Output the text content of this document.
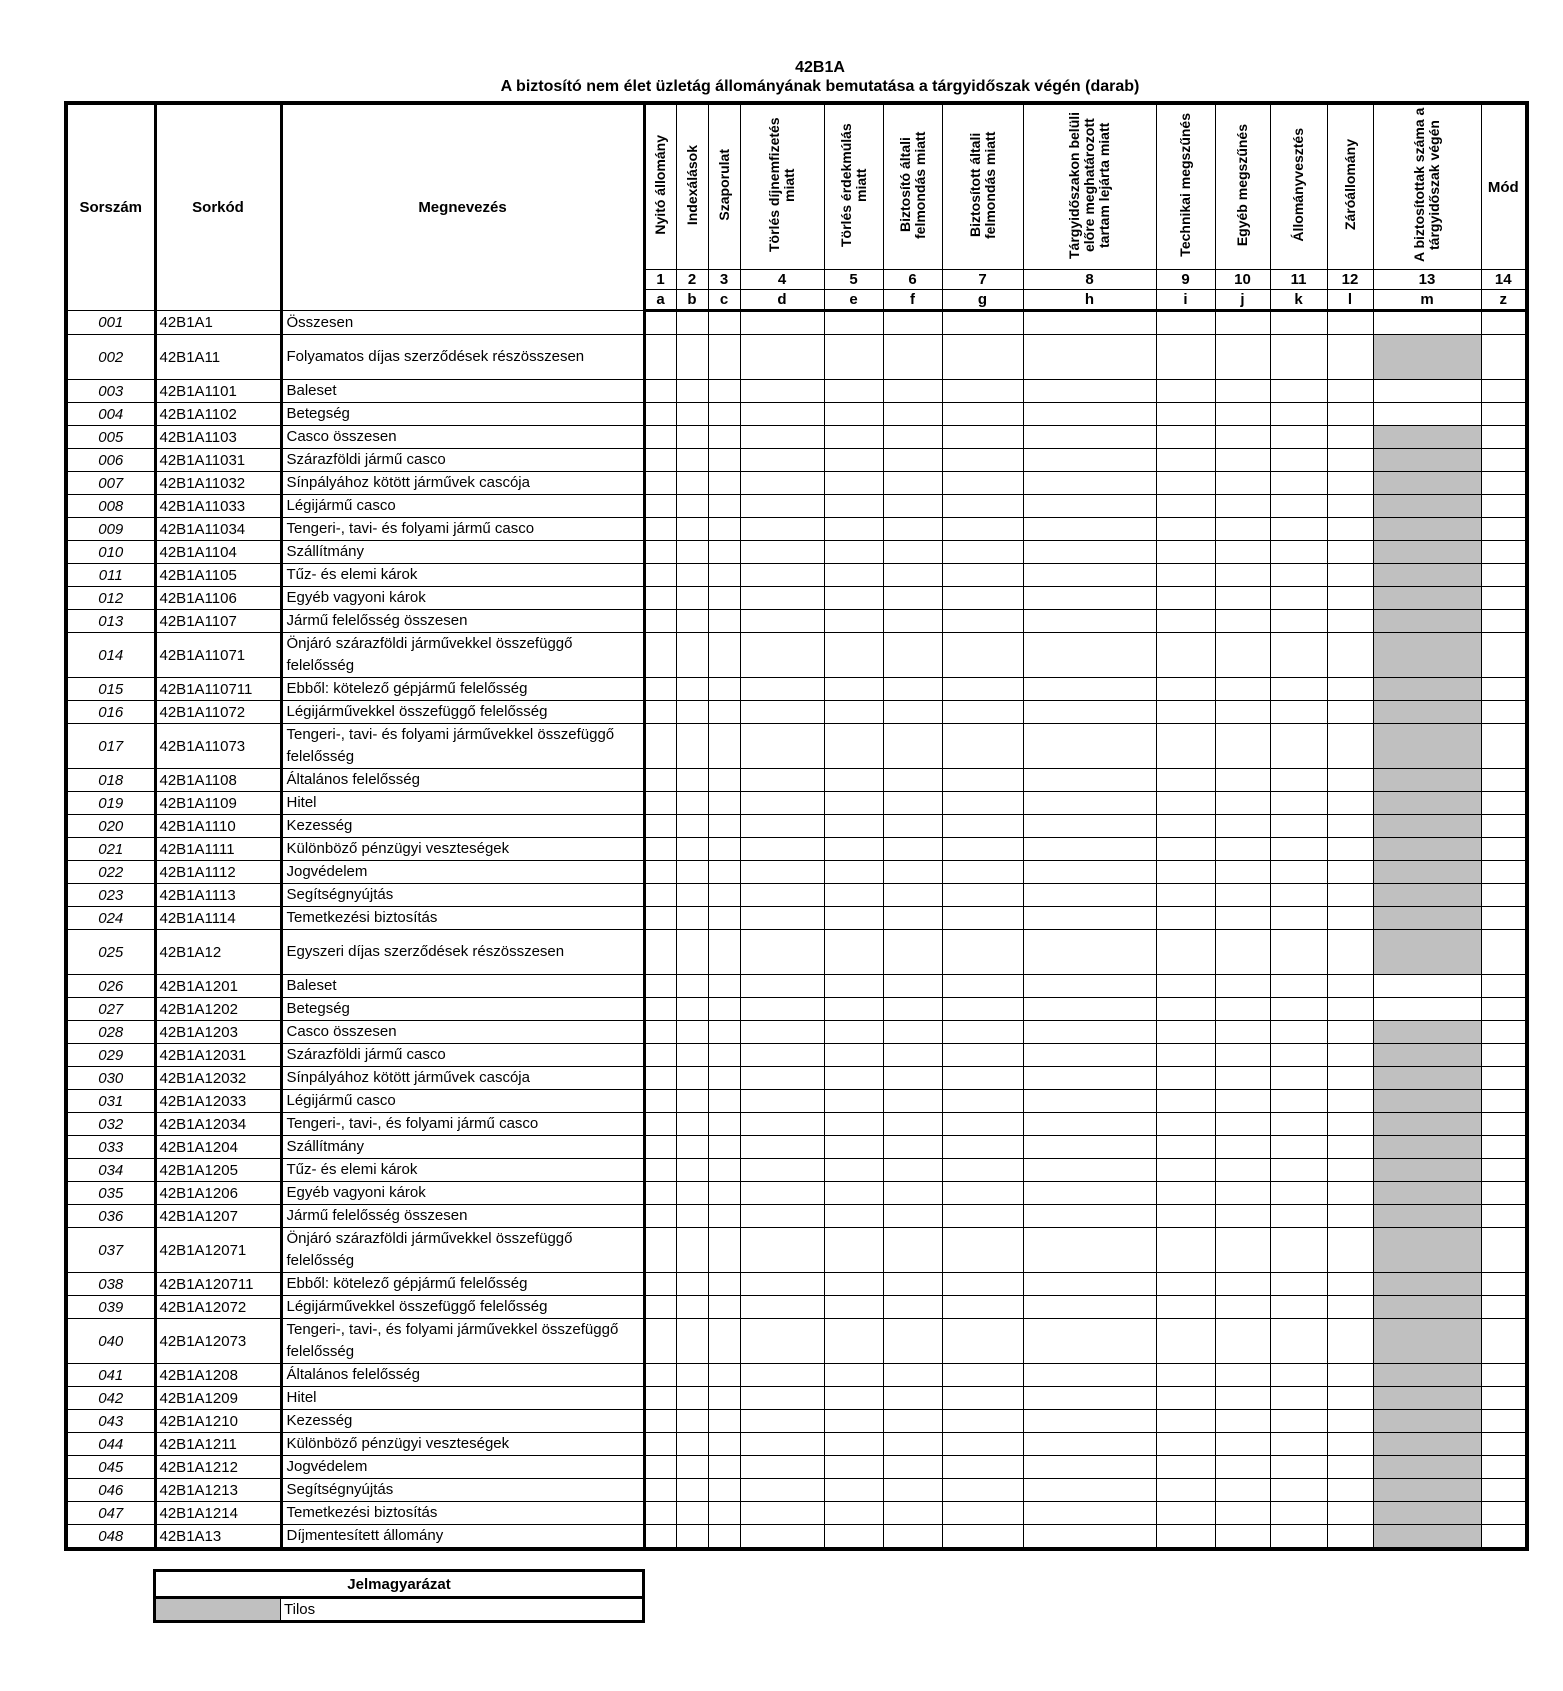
42B1A
A biztosító nem élet üzletág állományának bemutatása a tárgyidőszak végén (darab)
Sorszám	Sorkód	Megnevezés	Nyitó állomány	Indexálások	Szaporulat	Törlés díjnemfizetés miatt	Törlés érdekmúlás miatt	Biztosító általi felmondás miatt	Biztosított általi felmondás miatt	Tárgyidőszakon belüli előre meghatározott tartam lejárta miatt	Technikai megszűnés	Egyéb megszűnés	Állományvesztés	Záróállomány	A biztosítottak száma a tárgyidőszak végén	Mód
			1	2	3	4	5	6	7	8	9	10	11	12	13	14
			a	b	c	d	e	f	g	h	i	j	k	l	m	z
001	42B1A1	Összesen														
002	42B1A11	Folyamatos díjas szerződések részösszesen														
003	42B1A1101	Baleset														
004	42B1A1102	Betegség														
005	42B1A1103	Casco összesen														
006	42B1A11031	Szárazföldi jármű casco														
007	42B1A11032	Sínpályához kötött járművek cascója														
008	42B1A11033	Légijármű casco														
009	42B1A11034	Tengeri-, tavi- és folyami jármű casco														
010	42B1A1104	Szállítmány														
011	42B1A1105	Tűz- és elemi károk														
012	42B1A1106	Egyéb vagyoni károk														
013	42B1A1107	Jármű felelősség összesen														
014	42B1A11071	Önjáró szárazföldi járművekkel összefüggő felelősség														
015	42B1A110711	Ebből: kötelező gépjármű felelősség														
016	42B1A11072	Légijárművekkel összefüggő felelősség														
017	42B1A11073	Tengeri-, tavi- és folyami járművekkel összefüggő felelősség														
018	42B1A1108	Általános felelősség														
019	42B1A1109	Hitel														
020	42B1A1110	Kezesség														
021	42B1A1111	Különböző pénzügyi veszteségek														
022	42B1A1112	Jogvédelem														
023	42B1A1113	Segítségnyújtás														
024	42B1A1114	Temetkezési biztosítás														
025	42B1A12	Egyszeri díjas szerződések részösszesen														
026	42B1A1201	Baleset														
027	42B1A1202	Betegség														
028	42B1A1203	Casco összesen														
029	42B1A12031	Szárazföldi jármű casco														
030	42B1A12032	Sínpályához kötött járművek cascója														
031	42B1A12033	Légijármű casco														
032	42B1A12034	Tengeri-, tavi-, és folyami jármű casco														
033	42B1A1204	Szállítmány														
034	42B1A1205	Tűz- és elemi károk														
035	42B1A1206	Egyéb vagyoni károk														
036	42B1A1207	Jármű felelősség összesen														
037	42B1A12071	Önjáró szárazföldi járművekkel összefüggő felelősség														
038	42B1A120711	Ebből: kötelező gépjármű felelősség														
039	42B1A12072	Légijárművekkel összefüggő felelősség														
040	42B1A12073	Tengeri-, tavi-, és folyami járművekkel összefüggő felelősség														
041	42B1A1208	Általános felelősség														
042	42B1A1209	Hitel														
043	42B1A1210	Kezesség														
044	42B1A1211	Különböző pénzügyi veszteségek														
045	42B1A1212	Jogvédelem														
046	42B1A1213	Segítségnyújtás														
047	42B1A1214	Temetkezési biztosítás														
048	42B1A13	Díjmentesített állomány														
Jelmagyarázat
	Tilos
